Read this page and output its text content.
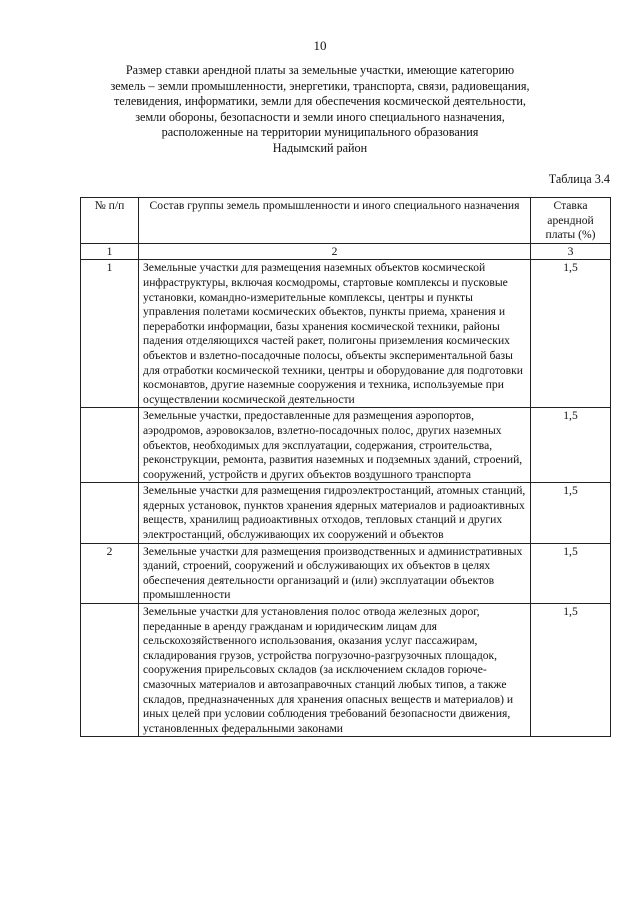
10
Размер ставки арендной платы за земельные участки, имеющие категорию
земель – земли промышленности, энергетики, транспорта, связи, радиовещания,
телевидения, информатики, земли для обеспечения космической деятельности,
земли обороны, безопасности и земли иного специального назначения,
расположенные на территории муниципального образования
Надымский район
Таблица 3.4
№ п/п	Состав группы земель промышленности и иного специального назначения	Ставка арендной платы (%)
1	2	3
1	Земельные участки для размещения наземных объектов космической инфраструктуры, включая космодромы, стартовые комплексы и пусковые установки, командно-измерительные комплексы, центры и пункты управления полетами космических объектов, пункты приема, хранения и переработки информации, базы хранения космической техники, районы падения отделяющихся частей ракет, полигоны приземления космических объектов и взлетно-посадочные полосы, объекты экспериментальной базы для отработки космической техники, центры и оборудование для подготовки космонавтов, другие наземные сооружения и техника, используемые при осуществлении космической деятельности	1,5
	Земельные участки, предоставленные для размещения аэропортов, аэродромов, аэровокзалов, взлетно-посадочных полос, других наземных объектов, необходимых для эксплуатации, содержания, строительства, реконструкции, ремонта, развития наземных и подземных зданий, строений, сооружений, устройств и других объектов воздушного транспорта	1,5
	Земельные участки для размещения гидроэлектростанций, атомных станций, ядерных установок, пунктов хранения ядерных материалов и радиоактивных веществ, хранилищ радиоактивных отходов, тепловых станций и других электростанций, обслуживающих их сооружений и объектов	1,5
2	Земельные участки для размещения производственных и административных зданий, строений, сооружений и обслуживающих их объектов в целях обеспечения деятельности организаций и (или) эксплуатации объектов промышленности	1,5
	Земельные участки для установления полос отвода железных дорог, переданные в аренду гражданам и юридическим лицам для сельскохозяйственного использования, оказания услуг пассажирам, складирования грузов, устройства погрузочно-разгрузочных площадок, сооружения прирельсовых складов (за исключением складов горюче-смазочных материалов и автозаправочных станций любых типов, а также складов, предназначенных для хранения опасных веществ и материалов) и иных целей при условии соблюдения требований безопасности движения, установленных федеральными законами	1,5
